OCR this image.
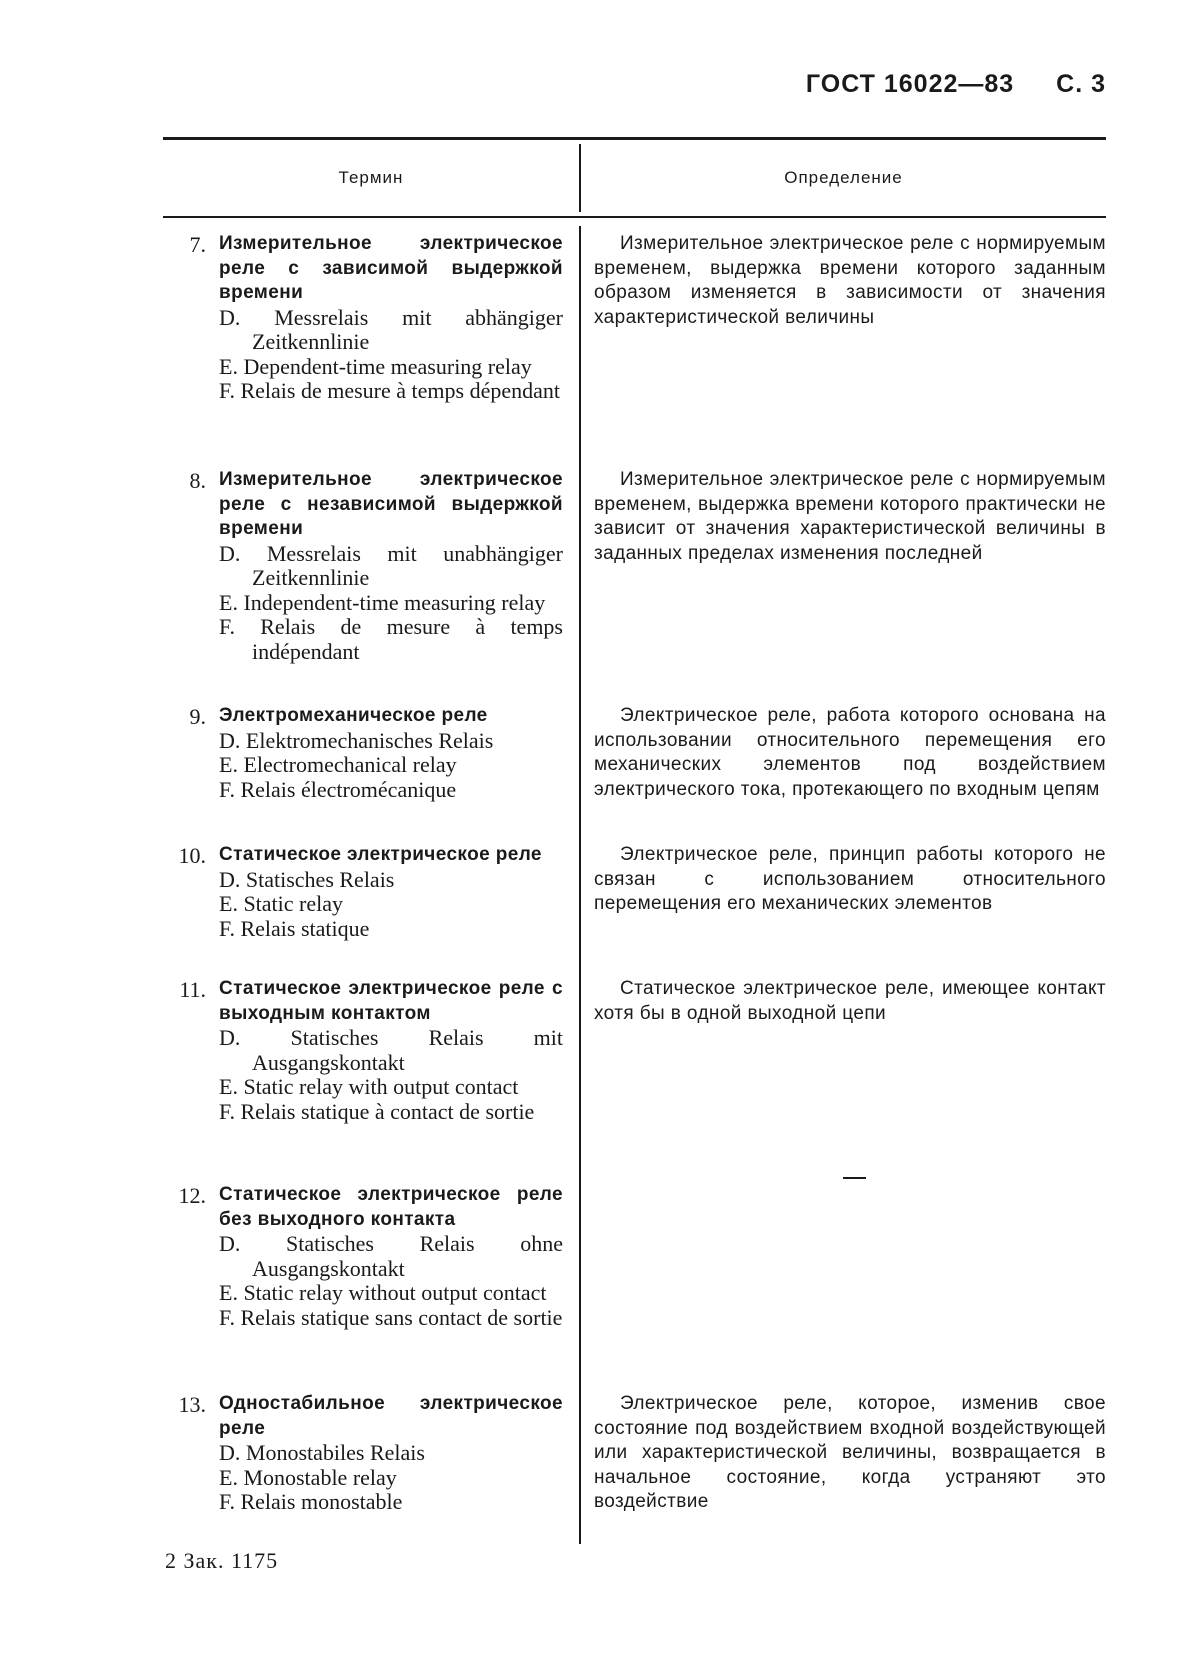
ГОСТ 16022—83 С. 3
Термин	Определение
7. Измерительное электрическое реле с зависимой выдержкой времени
D. Messrelais mit abhängiger Zeitkennlinie
E. Dependent-time measuring relay
F. Relais de mesure à temps dépendant
Измерительное электрическое реле с нормируемым временем, выдержка времени которого заданным образом изменяется в зависимости от значения характеристической величины
8. Измерительное электрическое реле с независимой выдержкой времени
D. Messrelais mit unabhängiger Zeitkennlinie
E. Independent-time measuring relay
F. Relais de mesure à temps indépendant
Измерительное электрическое реле с нормируемым временем, выдержка времени которого практически не зависит от значения характеристической величины в заданных пределах изменения последней
9. Электромеханическое реле
D. Elektromechanisches Relais
E. Electromechanical relay
F. Relais électromécanique
Электрическое реле, работа которого основана на использовании относительного перемещения его механических элементов под воздействием электрического тока, протекающего по входным цепям
10. Статическое электрическое реле
D. Statisches Relais
E. Static relay
F. Relais statique
Электрическое реле, принцип работы которого не связан с использованием относительного перемещения его механических элементов
11. Статическое электрическое реле с выходным контактом
D. Statisches Relais mit Ausgangskontakt
E. Static relay with output contact
F. Relais statique à contact de sortie
Статическое электрическое реле, имеющее контакт хотя бы в одной выходной цепи
12. Статическое электрическое реле без выходного контакта
D. Statisches Relais ohne Ausgangskontakt
E. Static relay without output contact
F. Relais statique sans contact de sortie
13. Одностабильное электрическое реле
D. Monostabiles Relais
E. Monostable relay
F. Relais monostable
Электрическое реле, которое, изменив свое состояние под воздействием входной воздействующей или характеристической величины, возвращается в начальное состояние, когда устраняют это воздействие
2 Зак. 1175
